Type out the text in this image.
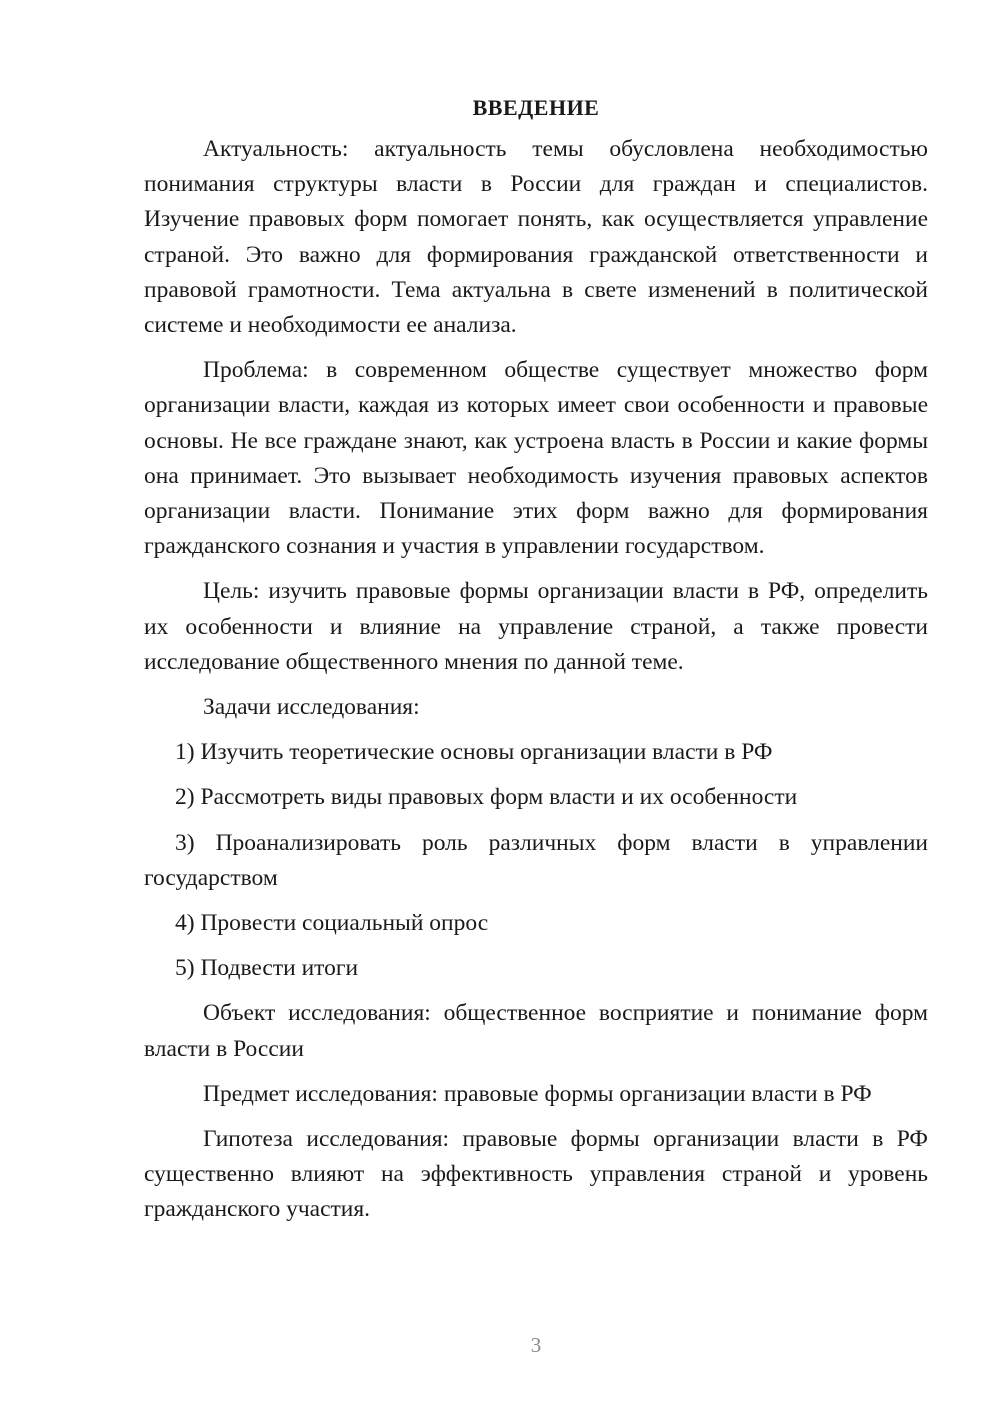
ВВЕДЕНИЕ

Актуальность: актуальность темы обусловлена необходимостью понимания структуры власти в России для граждан и специалистов. Изучение правовых форм помогает понять, как осуществляется управление страной. Это важно для формирования гражданской ответственности и правовой грамотности. Тема актуальна в свете изменений в политической системе и необходимости ее анализа.

Проблема: в современном обществе существует множество форм организации власти, каждая из которых имеет свои особенности и правовые основы. Не все граждане знают, как устроена власть в России и какие формы она принимает. Это вызывает необходимость изучения правовых аспектов организации власти. Понимание этих форм важно для формирования гражданского сознания и участия в управлении государством.

Цель: изучить правовые формы организации власти в РФ, определить их особенности и влияние на управление страной, а также провести исследование общественного мнения по данной теме.

Задачи исследования:

1) Изучить теоретические основы организации власти в РФ

2) Рассмотреть виды правовых форм власти и их особенности

3) Проанализировать роль различных форм власти в управлении государством

4) Провести социальный опрос

5) Подвести итоги

Объект исследования: общественное восприятие и понимание форм власти в России

Предмет исследования: правовые формы организации власти в РФ

Гипотеза исследования: правовые формы организации власти в РФ существенно влияют на эффективность управления страной и уровень гражданского участия.

3
